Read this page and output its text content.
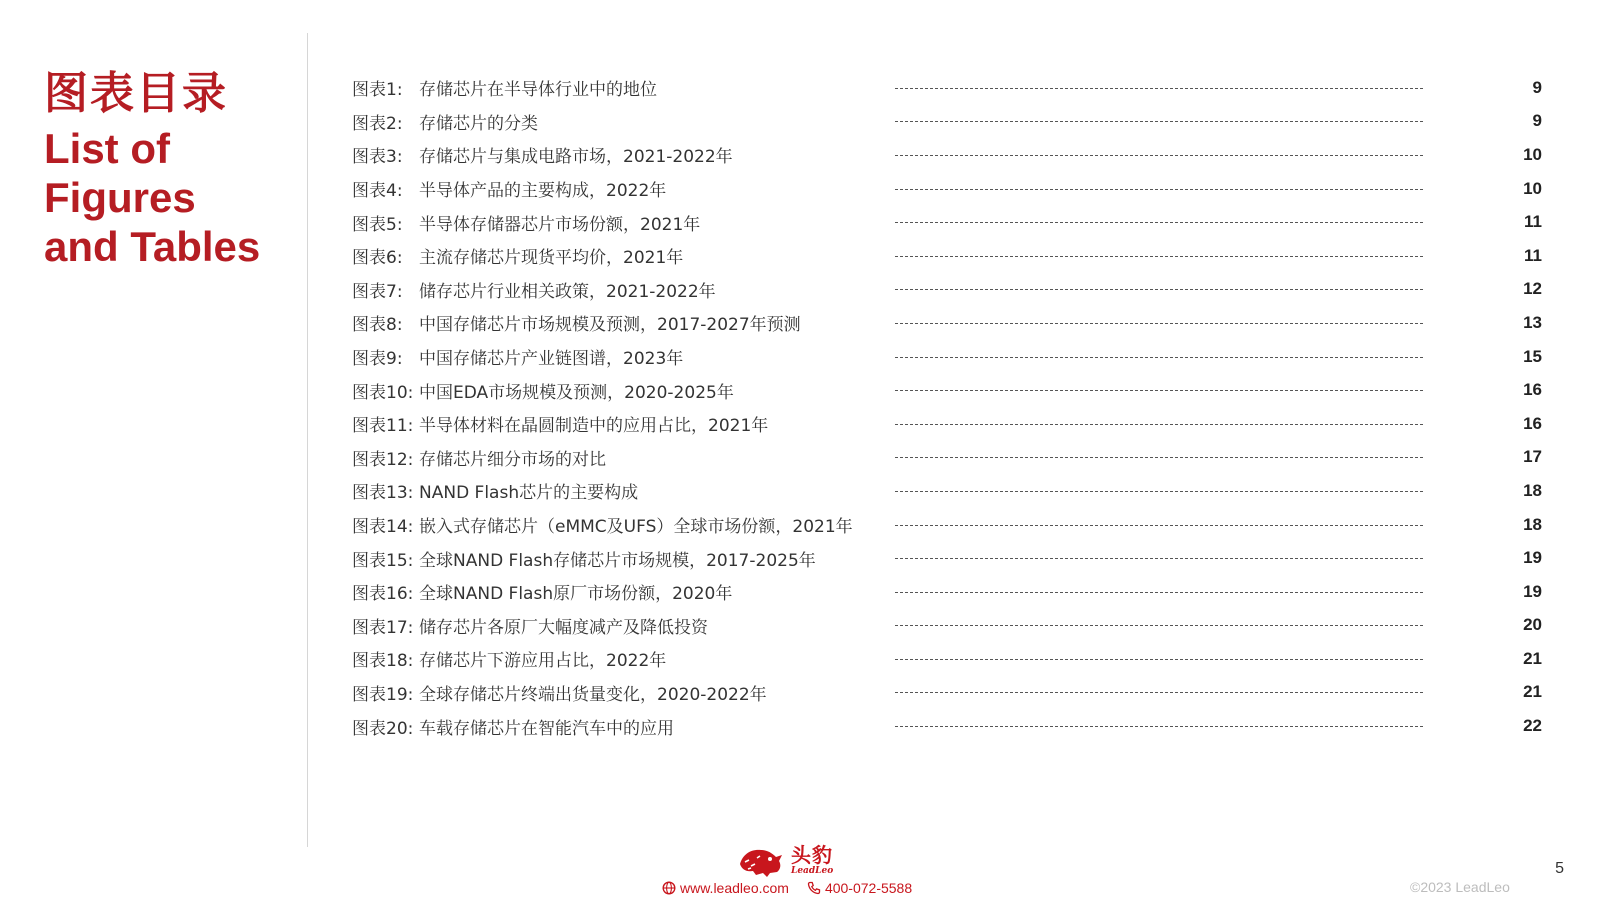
图表目录
List of
Figures
and Tables
图表1: 存储芯片在半导体行业中的地位	9
图表2: 存储芯片的分类	9
图表3: 存储芯片与集成电路市场，2021-2022年	10
图表4: 半导体产品的主要构成，2022年	10
图表5: 半导体存储器芯片市场份额，2021年	11
图表6: 主流存储芯片现货平均价，2021年	11
图表7: 储存芯片行业相关政策，2021-2022年	12
图表8: 中国存储芯片市场规模及预测，2017-2027年预测	13
图表9: 中国存储芯片产业链图谱，2023年	15
图表10: 中国EDA市场规模及预测，2020-2025年	16
图表11: 半导体材料在晶圆制造中的应用占比，2021年	16
图表12: 存储芯片细分市场的对比	17
图表13: NAND Flash芯片的主要构成	18
图表14: 嵌入式存储芯片（eMMC及UFS）全球市场份额，2021年	18
图表15: 全球NAND Flash存储芯片市场规模，2017-2025年	19
图表16: 全球NAND Flash原厂市场份额，2020年	19
图表17: 储存芯片各原厂大幅度减产及降低投资	20
图表18: 存储芯片下游应用占比，2022年	21
图表19: 全球存储芯片终端出货量变化，2020-2022年	21
图表20: 车载存储芯片在智能汽车中的应用	22
头豹
LeadLeo
www.leadleo.com	400-072-5588
5
©2023 LeadLeo
